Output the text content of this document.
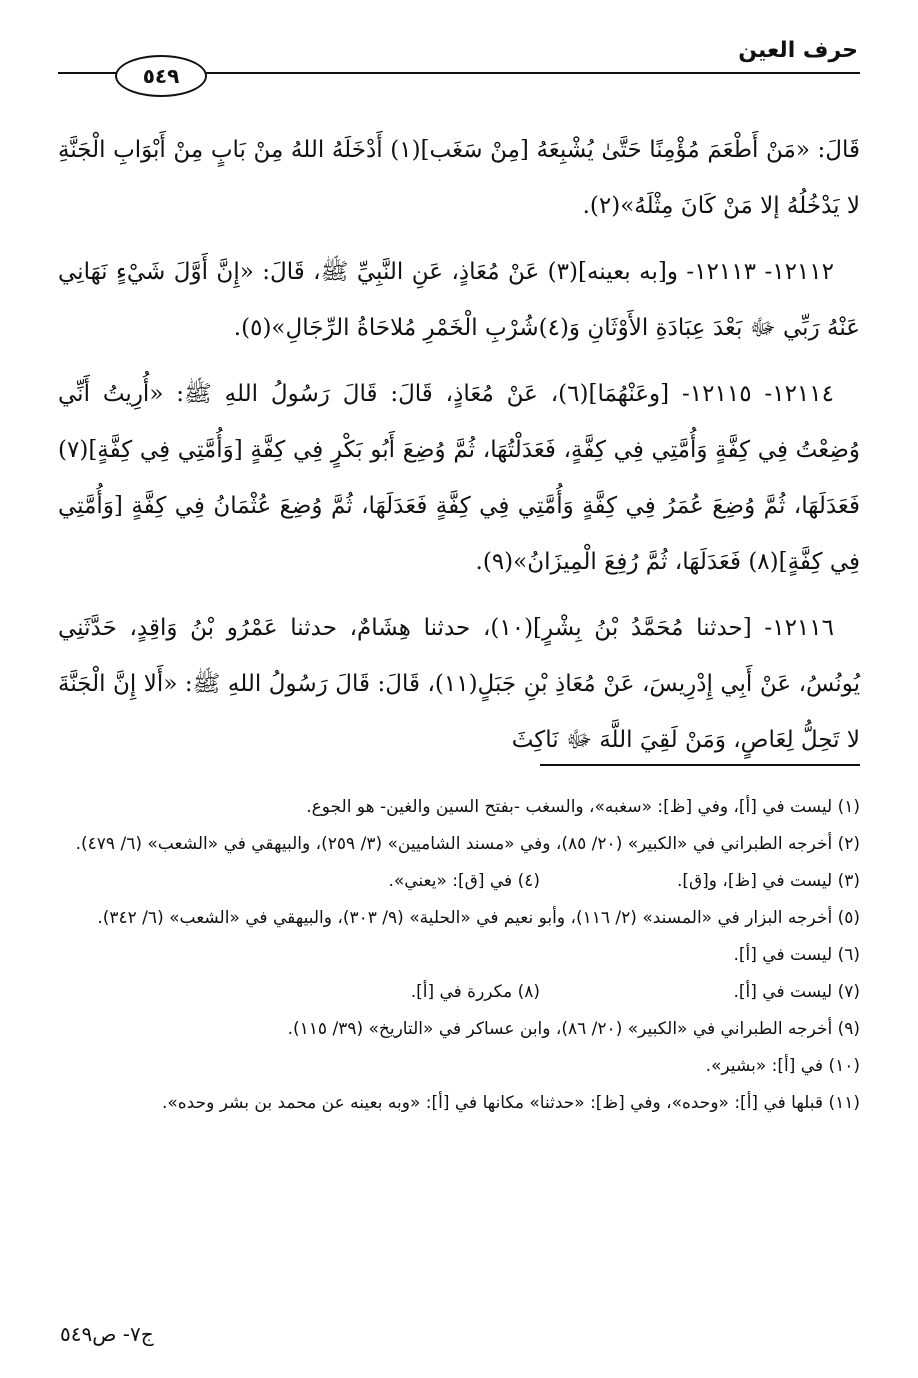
حرف العين
٥٤٩

قَالَ: «مَنْ أَطْعَمَ مُؤْمِنًا حَتَّىٰ يُشْبِعَهُ [مِنْ سَغَب](١) أَدْخَلَهُ اللهُ مِنْ بَابٍ مِنْ أَبْوَابِ الْجَنَّةِ لا يَدْخُلُهُ إلا مَنْ كَانَ مِثْلَهُ»(٢).

١٢١١٢- ١٢١١٣- و[به بعينه](٣) عَنْ مُعَاذٍ، عَنِ النَّبِيِّ ﷺ، قَالَ: «إِنَّ أَوَّلَ شَيْءٍ نَهَانِي عَنْهُ رَبِّي ﷻ بَعْدَ عِبَادَةِ الأَوْثَانِ وَ(٤)شُرْبِ الْخَمْرِ مُلاحَاةُ الرِّجَالِ»(٥).

١٢١١٤- ١٢١١٥- [وعَنْهُمَا](٦)، عَنْ مُعَاذٍ، قَالَ: قَالَ رَسُولُ اللهِ ﷺ: «أُرِيتُ أَنِّي وُضِعْتُ فِي كِفَّةٍ وَأُمَّتِي فِي كِفَّةٍ، فَعَدَلْتُهَا، ثُمَّ وُضِعَ أَبُو بَكْرٍ فِي كِفَّةٍ [وَأُمَّتِي فِي كِفَّةٍ](٧) فَعَدَلَهَا، ثُمَّ وُضِعَ عُمَرُ فِي كِفَّةٍ وَأُمَّتِي فِي كِفَّةٍ فَعَدَلَهَا، ثُمَّ وُضِعَ عُثْمَانُ فِي كِفَّةٍ [وَأُمَّتِي فِي كِفَّةٍ](٨) فَعَدَلَهَا، ثُمَّ رُفِعَ الْمِيزَانُ»(٩).

١٢١١٦- [حدثنا مُحَمَّدُ بْنُ بِشْرٍ](١٠)، حدثنا هِشَامٌ، حدثنا عَمْرُو بْنُ وَاقِدٍ، حَدَّثَنِي يُونُسُ، عَنْ أَبِي إِدْرِيسَ، عَنْ مُعَاذِ بْنِ جَبَلٍ(١١)، قَالَ: قَالَ رَسُولُ اللهِ ﷺ: «أَلا إِنَّ الْجَنَّةَ لا تَحِلُّ لِعَاصٍ، وَمَنْ لَقِيَ اللَّهَ ﷻ نَاكِثَ

(١) ليست في [أ]، وفي [ظ]: «سغبه»، والسغب -بفتح السين والغين- هو الجوع.
(٢) أخرجه الطبراني في «الكبير» (٢٠/ ٨٥)، وفي «مسند الشاميين» (٣/ ٢٥٩)، والبيهقي في «الشعب» (٦/ ٤٧٩).
(٣) ليست في [ظ]، و[ق].
(٤) في [ق]: «يعني».
(٥) أخرجه البزار في «المسند» (٢/ ١١٦)، وأبو نعيم في «الحلية» (٩/ ٣٠٣)، والبيهقي في «الشعب» (٦/ ٣٤٢).
(٦) ليست في [أ].
(٧) ليست في [أ].
(٨) مكررة في [أ].
(٩) أخرجه الطبراني في «الكبير» (٢٠/ ٨٦)، وابن عساكر في «التاريخ» (٣٩/ ١١٥).
(١٠) في [أ]: «بشير».
(١١) قبلها في [أ]: «وحده»، وفي [ظ]: «حدثنا» مكانها في [أ]: «وبه بعينه عن محمد بن بشر وحده».
ج٧- ص٥٤٩
